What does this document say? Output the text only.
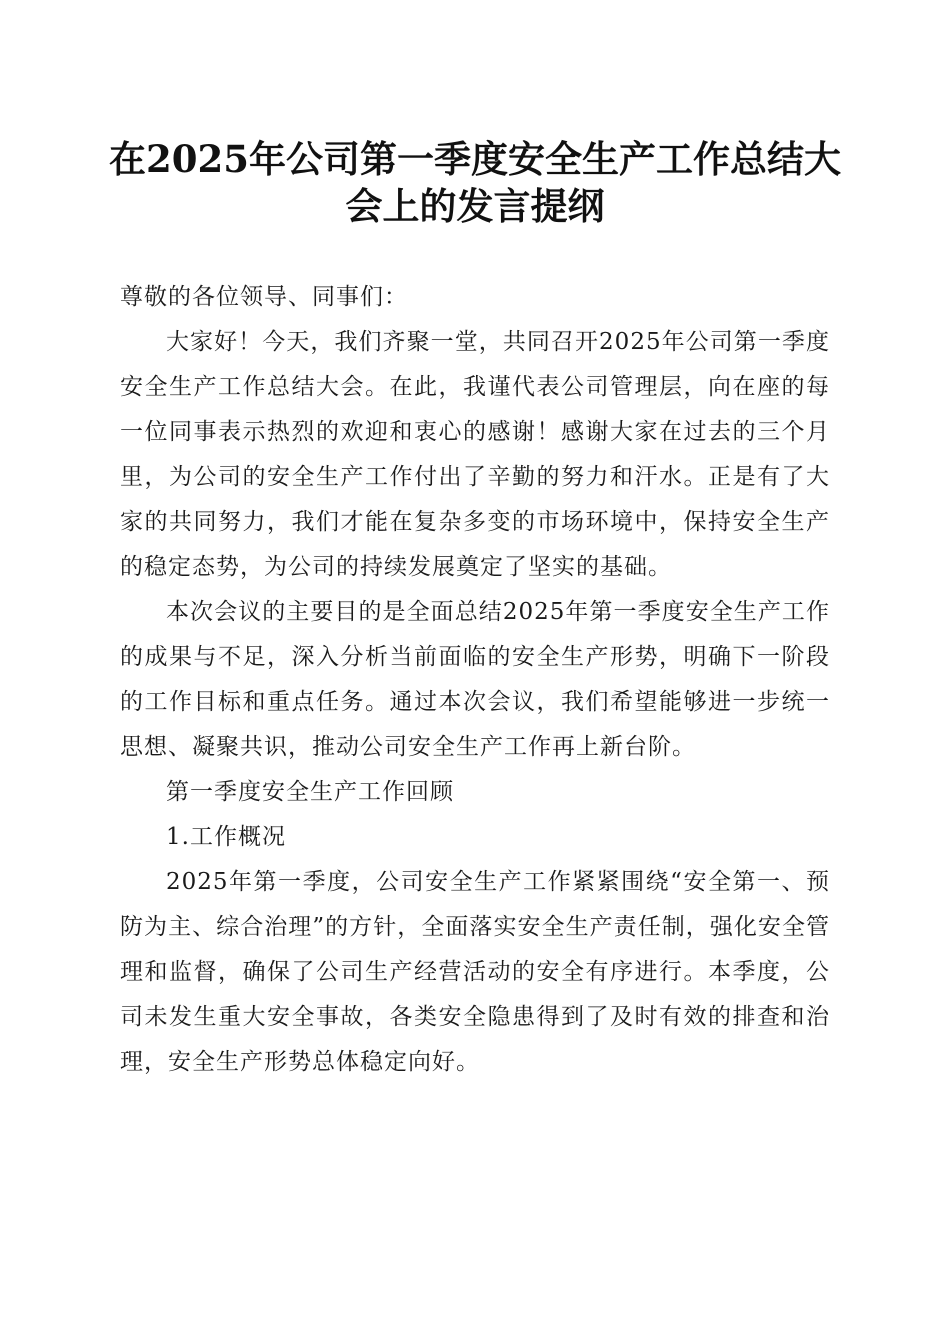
在2025年公司第一季度安全生产工作总结大会上的发言提纲

尊敬的各位领导、同事们：

大家好！今天，我们齐聚一堂，共同召开2025年公司第一季度安全生产工作总结大会。在此，我谨代表公司管理层，向在座的每一位同事表示热烈的欢迎和衷心的感谢！感谢大家在过去的三个月里，为公司的安全生产工作付出了辛勤的努力和汗水。正是有了大家的共同努力，我们才能在复杂多变的市场环境中，保持安全生产的稳定态势，为公司的持续发展奠定了坚实的基础。

本次会议的主要目的是全面总结2025年第一季度安全生产工作的成果与不足，深入分析当前面临的安全生产形势，明确下一阶段的工作目标和重点任务。通过本次会议，我们希望能够进一步统一思想、凝聚共识，推动公司安全生产工作再上新台阶。

第一季度安全生产工作回顾

1.工作概况

2025年第一季度，公司安全生产工作紧紧围绕“安全第一、预防为主、综合治理”的方针，全面落实安全生产责任制，强化安全管理和监督，确保了公司生产经营活动的安全有序进行。本季度，公司未发生重大安全事故，各类安全隐患得到了及时有效的排查和治理，安全生产形势总体稳定向好。
